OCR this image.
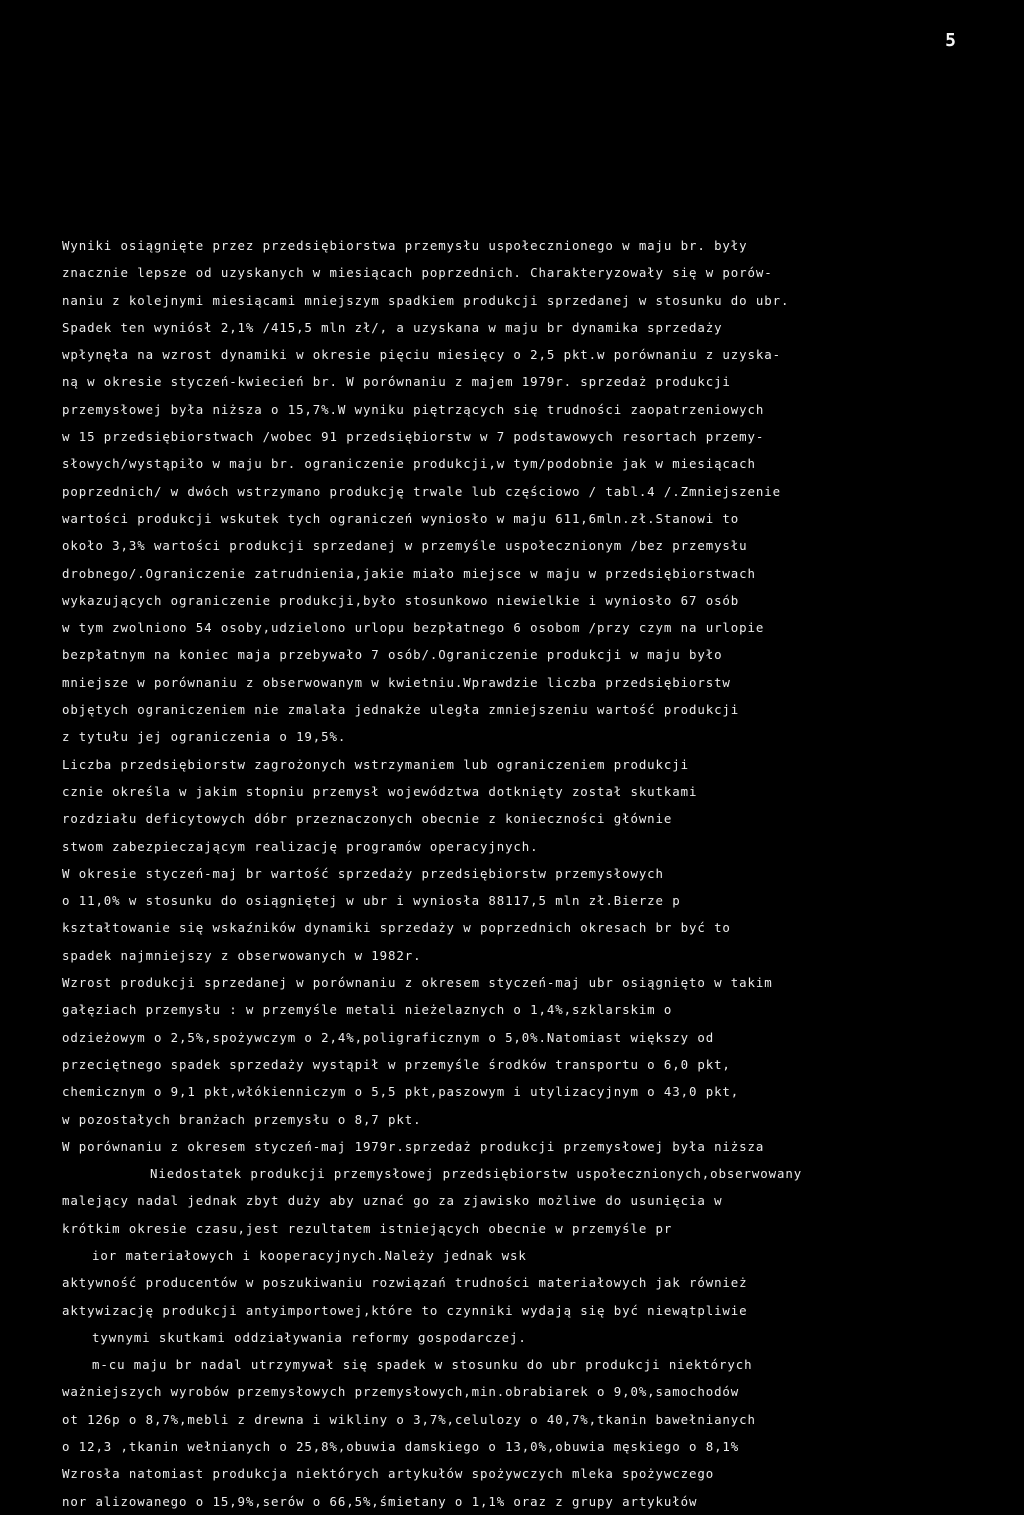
5
Wyniki osiągnięte przez przedsiębiorstwa przemysłu uspołecznionego w maju br. były
znacznie lepsze od uzyskanych w miesiącach poprzednich. Charakteryzowały się w porów-
naniu z kolejnymi miesiącami mniejszym spadkiem produkcji sprzedanej w stosunku do ubr.
Spadek ten wyniósł 2,1% /415,5 mln zł/, a uzyskana w maju br dynamika sprzedaży
wpłynęła na wzrost dynamiki w okresie pięciu miesięcy o 2,5 pkt.w porównaniu z uzyska-
ną w okresie styczeń-kwiecień br. W porównaniu z majem 1979r. sprzedaż produkcji
przemysłowej była niższa o 15,7%.W wyniku piętrzących się trudności zaopatrzeniowych
w 15 przedsiębiorstwach /wobec 91 przedsiębiorstw w 7 podstawowych resortach przemy-
słowych/wystąpiło w maju br. ograniczenie produkcji,w tym/podobnie jak w miesiącach
poprzednich/ w dwóch wstrzymano produkcję trwale lub częściowo / tabl.4 /.Zmniejszenie
wartości produkcji wskutek tych ograniczeń wyniosło w maju 611,6mln.zł.Stanowi to
około 3,3% wartości produkcji sprzedanej w przemyśle uspołecznionym /bez przemysłu
drobnego/.Ograniczenie zatrudnienia,jakie miało miejsce w maju w przedsiębiorstwach
wykazujących ograniczenie produkcji,było stosunkowo niewielkie i wyniosło 67 osób
w tym zwolniono 54 osoby,udzielono urlopu bezpłatnego 6 osobom /przy czym na urlopie
bezpłatnym na koniec maja przebywało 7 osób/.Ograniczenie produkcji w maju było
mniejsze w porównaniu z obserwowanym w kwietniu.Wprawdzie liczba przedsiębiorstw
objętych ograniczeniem nie zmalała jednakże uległa zmniejszeniu wartość produkcji
z tytułu jej ograniczenia o 19,5%.
Liczba przedsiębiorstw zagrożonych wstrzymaniem lub ograniczeniem produkcji
cznie określa w jakim stopniu przemysł województwa dotknięty został skutkami
rozdziału deficytowych dóbr przeznaczonych obecnie z konieczności głównie
stwom zabezpieczającym realizację programów operacyjnych.
W okresie styczeń-maj br wartość sprzedaży przedsiębiorstw przemysłowych
o 11,0% w stosunku do osiągniętej w ubr i wyniosła 88117,5 mln zł.Bierze p
kształtowanie się wskaźników dynamiki sprzedaży w poprzednich okresach br być to
spadek najmniejszy z obserwowanych w 1982r.
Wzrost produkcji sprzedanej w porównaniu z okresem styczeń-maj ubr osiągnięto w takim
gałęziach przemysłu : w przemyśle metali nieżelaznych o 1,4%,szklarskim o
odzieżowym o 2,5%,spożywczym o 2,4%,poligraficznym o 5,0%.Natomiast większy od
przeciętnego spadek sprzedaży wystąpił w przemyśle środków transportu o 6,0 pkt,
chemicznym o 9,1 pkt,włókienniczym o 5,5 pkt,paszowym i utylizacyjnym o 43,0 pkt,
w pozostałych branżach przemysłu o 8,7 pkt.
W porównaniu z okresem styczeń-maj 1979r.sprzedaż produkcji przemysłowej była niższa
Niedostatek produkcji przemysłowej przedsiębiorstw uspołecznionych,obserwowany
malejący nadal jednak zbyt duży aby uznać go za zjawisko możliwe do usunięcia w
krótkim okresie czasu,jest rezultatem istniejących obecnie w przemyśle pr
ior materiałowych i kooperacyjnych.Należy jednak wsk
aktywność producentów w poszukiwaniu rozwiązań trudności materiałowych jak również
aktywizację produkcji antyimportowej,które to czynniki wydają się być niewątpliwie
tywnymi skutkami oddziaływania reformy gospodarczej.
m-cu maju br nadal utrzymywał się spadek w stosunku do ubr produkcji niektórych
ważniejszych wyrobów przemysłowych przemysłowych,min.obrabiarek o 9,0%,samochodów
ot 126p o 8,7%,mebli z drewna i wikliny o 3,7%,celulozy o 40,7%,tkanin bawełnianych
o 12,3 ,tkanin wełnianych o 25,8%,obuwia damskiego o 13,0%,obuwia męskiego o 8,1%
Wzrosła natomiast produkcja niektórych artykułów spożywczych mleka spożywczego
nor alizowanego o 15,9%,serów o 66,5%,śmietany o 1,1% oraz z grupy artykułów
